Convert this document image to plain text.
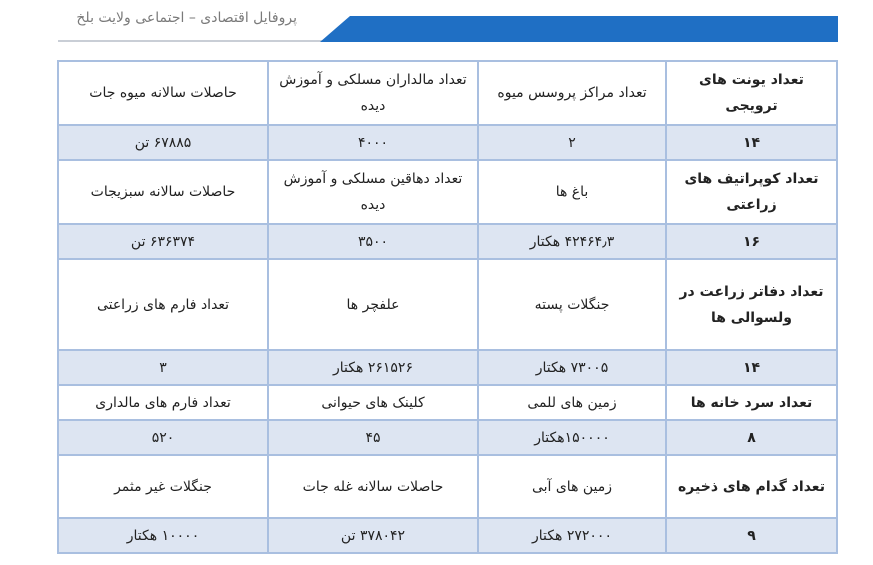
پروفایل اقتصادی – اجتماعی ولایت بلخ
تعداد یونت های ترویجی	تعداد مراکز پروسس میوه	تعداد مالداران مسلکی و آموزش دیده	حاصلات سالانه میوه جات
۱۴	۲	۴۰۰۰	۶۷۸۸۵ تن
تعداد کوپراتیف های زراعتی	باغ ها	تعداد دهاقین مسلکی و آموزش دیده	حاصلات سالانه سبزیجات
۱۶	۴۲۴۶۴٫۳ هکتار	۳۵۰۰	۶۳۶۳۷۴ تن
تعداد دفاتر زراعت در ولسوالی ها	جنگلات پسته	علفچر ها	تعداد فارم های زراعتی
۱۴	۷۳۰۰۵ هکتار	۲۶۱۵۲۶ هکتار	۳
تعداد سرد خانه ها	زمین های للمی	کلینک های حیوانی	تعداد فارم های مالداری
۸	۱۵۰۰۰۰هکتار	۴۵	۵۲۰
تعداد گدام های ذخیره	زمین های آبی	حاصلات سالانه غله جات	جنگلات غیر مثمر
۹	۲۷۲۰۰۰ هکتار	۳۷۸۰۴۲ تن	۱۰۰۰۰ هکتار
